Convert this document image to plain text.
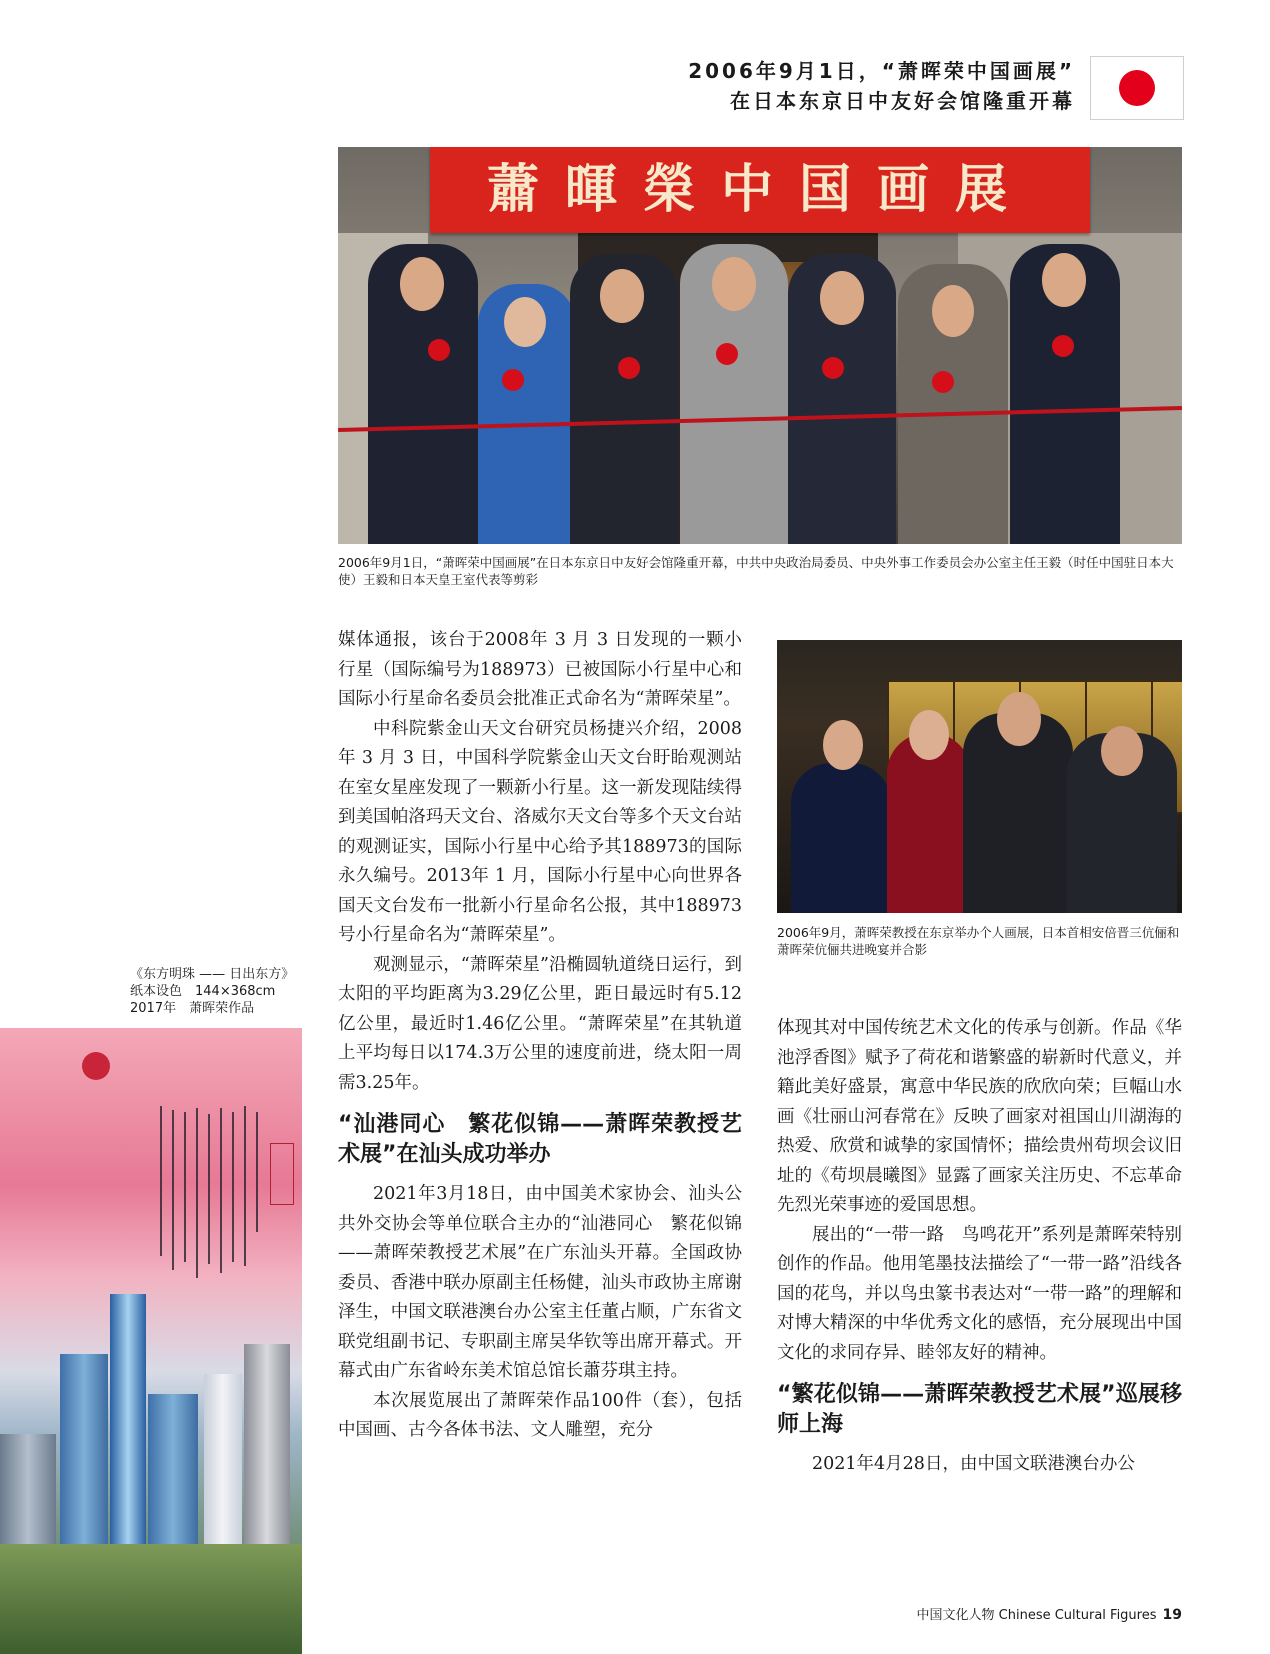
2006年9月1日，“萧晖荣中国画展”
在日本东京日中友好会馆隆重开幕
蕭暉榮中国画展
2006年9月1日，“萧晖荣中国画展”在日本东京日中友好会馆隆重开幕，中共中央政治局委员、中央外事工作委员会办公室主任王毅（时任中国驻日本大使）王毅和日本天皇王室代表等剪彩
2006年9月，萧晖荣教授在东京举办个人画展，日本首相安倍晋三伉俪和萧晖荣伉俪共进晚宴并合影
《东方明珠 —— 日出东方》
纸本设色　144×368cm
2017年　萧晖荣作品

媒体通报，该台于2008年 3 月 3 日发现的一颗小行星（国际编号为188973）已被国际小行星中心和国际小行星命名委员会批准正式命名为“萧晖荣星”。

中科院紫金山天文台研究员杨捷兴介绍，2008年 3 月 3 日，中国科学院紫金山天文台盱眙观测站在室女星座发现了一颗新小行星。这一新发现陆续得到美国帕洛玛天文台、洛威尔天文台等多个天文台站的观测证实，国际小行星中心给予其188973的国际永久编号。2013年 1 月，国际小行星中心向世界各国天文台发布一批新小行星命名公报，其中188973号小行星命名为“萧晖荣星”。

观测显示，“萧晖荣星”沿椭圆轨道绕日运行，到太阳的平均距离为3.29亿公里，距日最远时有5.12亿公里，最近时1.46亿公里。“萧晖荣星”在其轨道上平均每日以174.3万公里的速度前进，绕太阳一周需3.25年。

“汕港同心　繁花似锦——萧晖荣教授艺术展”在汕头成功举办

2021年3月18日，由中国美术家协会、汕头公共外交协会等单位联合主办的“汕港同心　繁花似锦——萧晖荣教授艺术展”在广东汕头开幕。全国政协委员、香港中联办原副主任杨健，汕头市政协主席谢泽生，中国文联港澳台办公室主任董占顺，广东省文联党组副书记、专职副主席吴华钦等出席开幕式。开幕式由广东省岭东美术馆总馆长蕭芬琪主持。

本次展览展出了萧晖荣作品100件（套），包括中国画、古今各体书法、文人雕塑，充分

体现其对中国传统艺术文化的传承与创新。作品《华池浮香图》赋予了荷花和谐繁盛的崭新时代意义，并籍此美好盛景，寓意中华民族的欣欣向荣；巨幅山水画《壮丽山河春常在》反映了画家对祖国山川湖海的热爱、欣赏和诚挚的家国情怀；描绘贵州苟坝会议旧址的《苟坝晨曦图》显露了画家关注历史、不忘革命先烈光荣事迹的爱国思想。

展出的“一带一路　鸟鸣花开”系列是萧晖荣特别创作的作品。他用笔墨技法描绘了“一带一路”沿线各国的花鸟，并以鸟虫篆书表达对“一带一路”的理解和对博大精深的中华优秀文化的感悟，充分展现出中国文化的求同存异、睦邻友好的精神。

“繁花似锦——萧晖荣教授艺术展”巡展移师上海

2021年4月28日，由中国文联港澳台办公

中国文化人物 Chinese Cultural Figures 19
